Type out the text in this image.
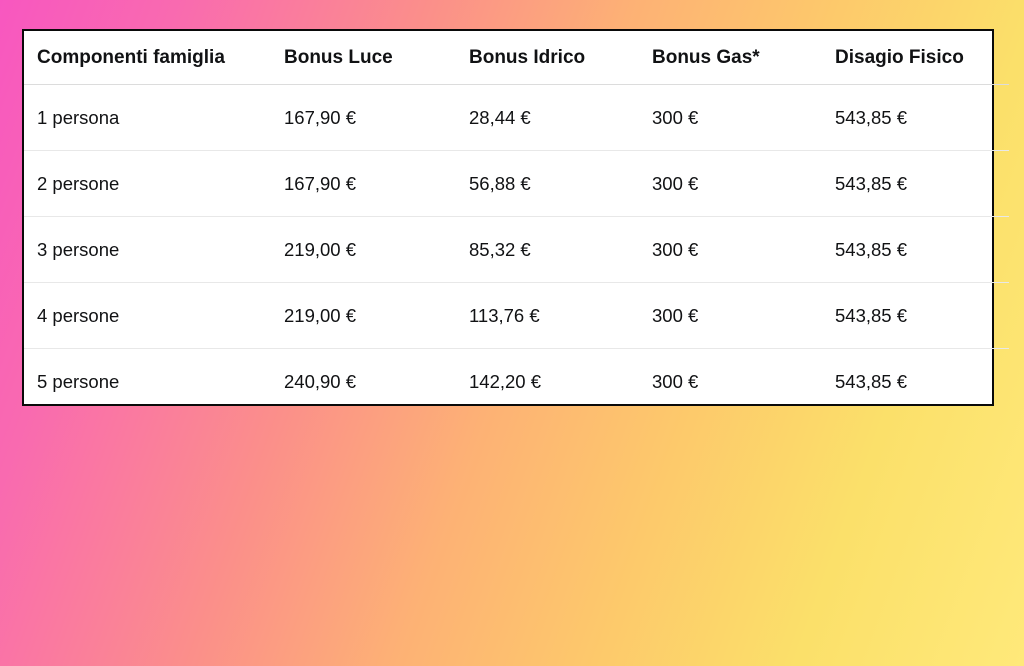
Componenti famiglia	Bonus Luce	Bonus Idrico	Bonus Gas*	Disagio Fisico
1 persona	167,90 €	28,44 €	300 €	543,85 €
2 persone	167,90 €	56,88 €	300 €	543,85 €
3 persone	219,00 €	85,32 €	300 €	543,85 €
4 persone	219,00 €	113,76 €	300 €	543,85 €
5 persone	240,90 €	142,20 €	300 €	543,85 €
